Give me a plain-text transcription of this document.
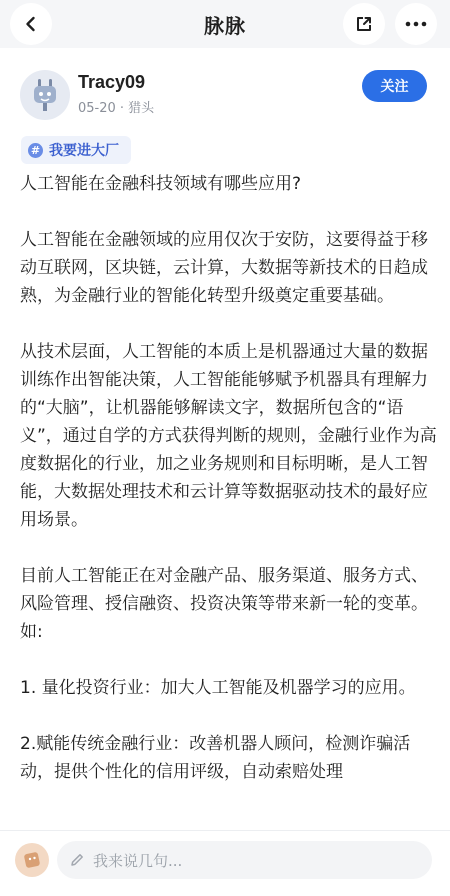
脉脉
Tracy09
05-20 · 猎头
关注
# 我要进大厂

人工智能在金融科技领域有哪些应用?

人工智能在金融领域的应用仅次于安防，这要得益于移动互联网，区块链，云计算，大数据等新技术的日趋成熟，为金融行业的智能化转型升级奠定重要基础。

从技术层面，人工智能的本质上是机器通过大量的数据训练作出智能决策，人工智能能够赋予机器具有理解力的“大脑”，让机器能够解读文字，数据所包含的“语义”，通过自学的方式获得判断的规则，金融行业作为高度数据化的行业，加之业务规则和目标明晰，是人工智能，大数据处理技术和云计算等数据驱动技术的最好应用场景。

目前人工智能正在对金融产品、服务渠道、服务方式、风险管理、授信融资、投资决策等带来新一轮的变革。如:

1. 量化投资行业：加大人工智能及机器学习的应用。

2.赋能传统金融行业：改善机器人顾问，检测诈骗活动，提供个性化的信用评级，自动索赔处理

我来说几句...
